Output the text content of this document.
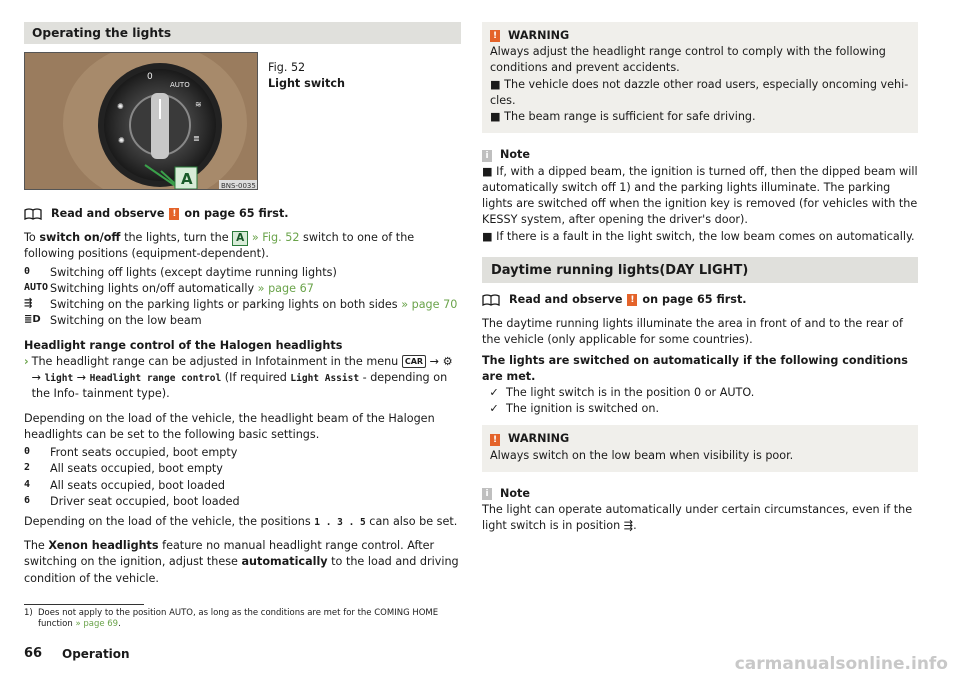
Operating the lights
0
AUTO
≋
≣
✺
✺
A	BNS-0035
Fig. 52
Light switch
Read and observe ! on page 65 first.
To switch on/off the lights, turn the A » Fig. 52 switch to one of the following positions (equipment-dependent).
0	Switching off lights (except daytime running lights)
AUTO Switching lights on/off automatically » page 67
⇶	Switching on the parking lights or parking lights on both sides » page 70
≣D Switching on the low beam
Headlight range control of the Halogen headlights
› The headlight range can be adjusted in Infotainment in the menu CAR → ⚙ → light → Headlight range control (If required Light Assist - depending on the Info- tainment type).
Depending on the load of the vehicle, the headlight beam of the Halogen headlights can be set to the following basic settings.
0	Front seats occupied, boot empty
2	All seats occupied, boot empty
4	All seats occupied, boot loaded
6	Driver seat occupied, boot loaded
Depending on the load of the vehicle, the positions 1 . 3 . 5 can also be set.
The Xenon headlights feature no manual headlight range control. After switching on the ignition, adjust these automatically to the load and driving condition of the vehicle.
! WARNING
Always adjust the headlight range control to comply with the following conditions and prevent accidents.
■ The vehicle does not dazzle other road users, especially oncoming vehi- cles.
■ The beam range is sufficient for safe driving.
i	Note
■ If, with a dipped beam, the ignition is turned off, then the dipped beam will automatically switch off 1) and the parking lights illuminate. The parking lights are switched off when the ignition key is removed (for vehicles with the KESSY system, after opening the driver's door).
■ If there is a fault in the light switch, the low beam comes on automatically.
Daytime running lights(DAY LIGHT)
Read and observe ! on page 65 first.
The daytime running lights illuminate the area in front of and to the rear of the vehicle (only applicable for some countries).
The lights are switched on automatically if the following conditions are met.
✓ The light switch is in the position 0 or AUTO.
✓ The ignition is switched on.
! WARNING
Always switch on the low beam when visibility is poor.
i	Note
The light can operate automatically under certain circumstances, even if the light switch is in position ⇶.
1) Does not apply to the position AUTO, as long as the conditions are met for the COMING HOME function » page 69.
66 Operation	carmanualsonline.info
